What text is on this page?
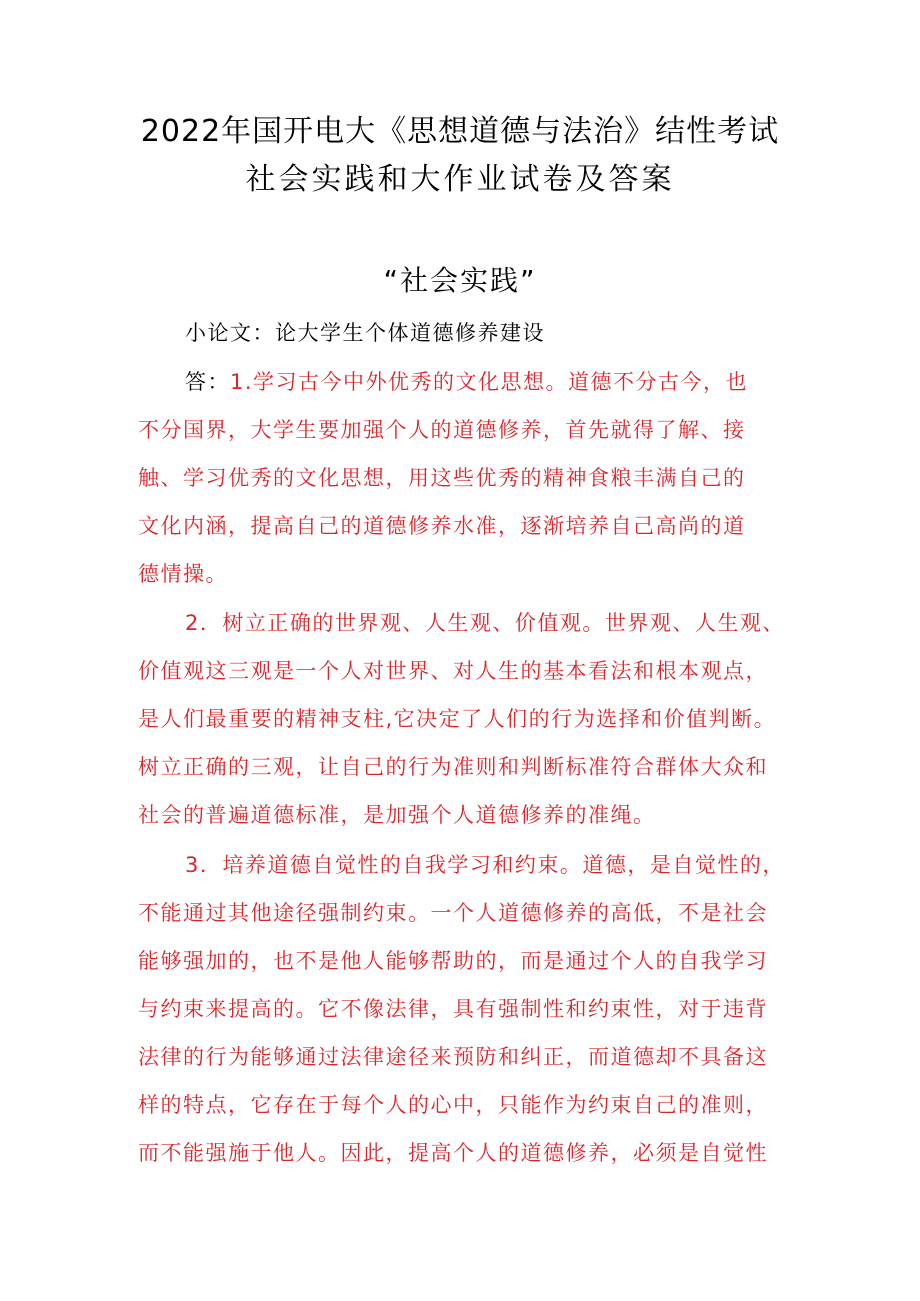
2022年国开电大《思想道德与法治》结性考试
社会实践和大作业试卷及答案
“社会实践”
小论文：论大学生个体道德修养建设
答：1.学习古今中外优秀的文化思想。道德不分古今，也
不分国界，大学生要加强个人的道德修养，首先就得了解、接
触、学习优秀的文化思想，用这些优秀的精神食粮丰满自己的
文化内涵，提高自己的道德修养水准，逐渐培养自己高尚的道
德情操。
2．树立正确的世界观、人生观、价值观。世界观、人生观、
价值观这三观是一个人对世界、对人生的基本看法和根本观点，
是人们最重要的精神支柱,它决定了人们的行为选择和价值判断。
树立正确的三观，让自己的行为准则和判断标准符合群体大众和
社会的普遍道德标准，是加强个人道德修养的准绳。
3．培养道德自觉性的自我学习和约束。道德，是自觉性的，
不能通过其他途径强制约束。一个人道德修养的高低，不是社会
能够强加的，也不是他人能够帮助的，而是通过个人的自我学习
与约束来提高的。它不像法律，具有强制性和约束性，对于违背
法律的行为能够通过法律途径来预防和纠正，而道德却不具备这
样的特点，它存在于每个人的心中，只能作为约束自己的准则，
而不能强施于他人。因此，提高个人的道德修养，必须是自觉性
